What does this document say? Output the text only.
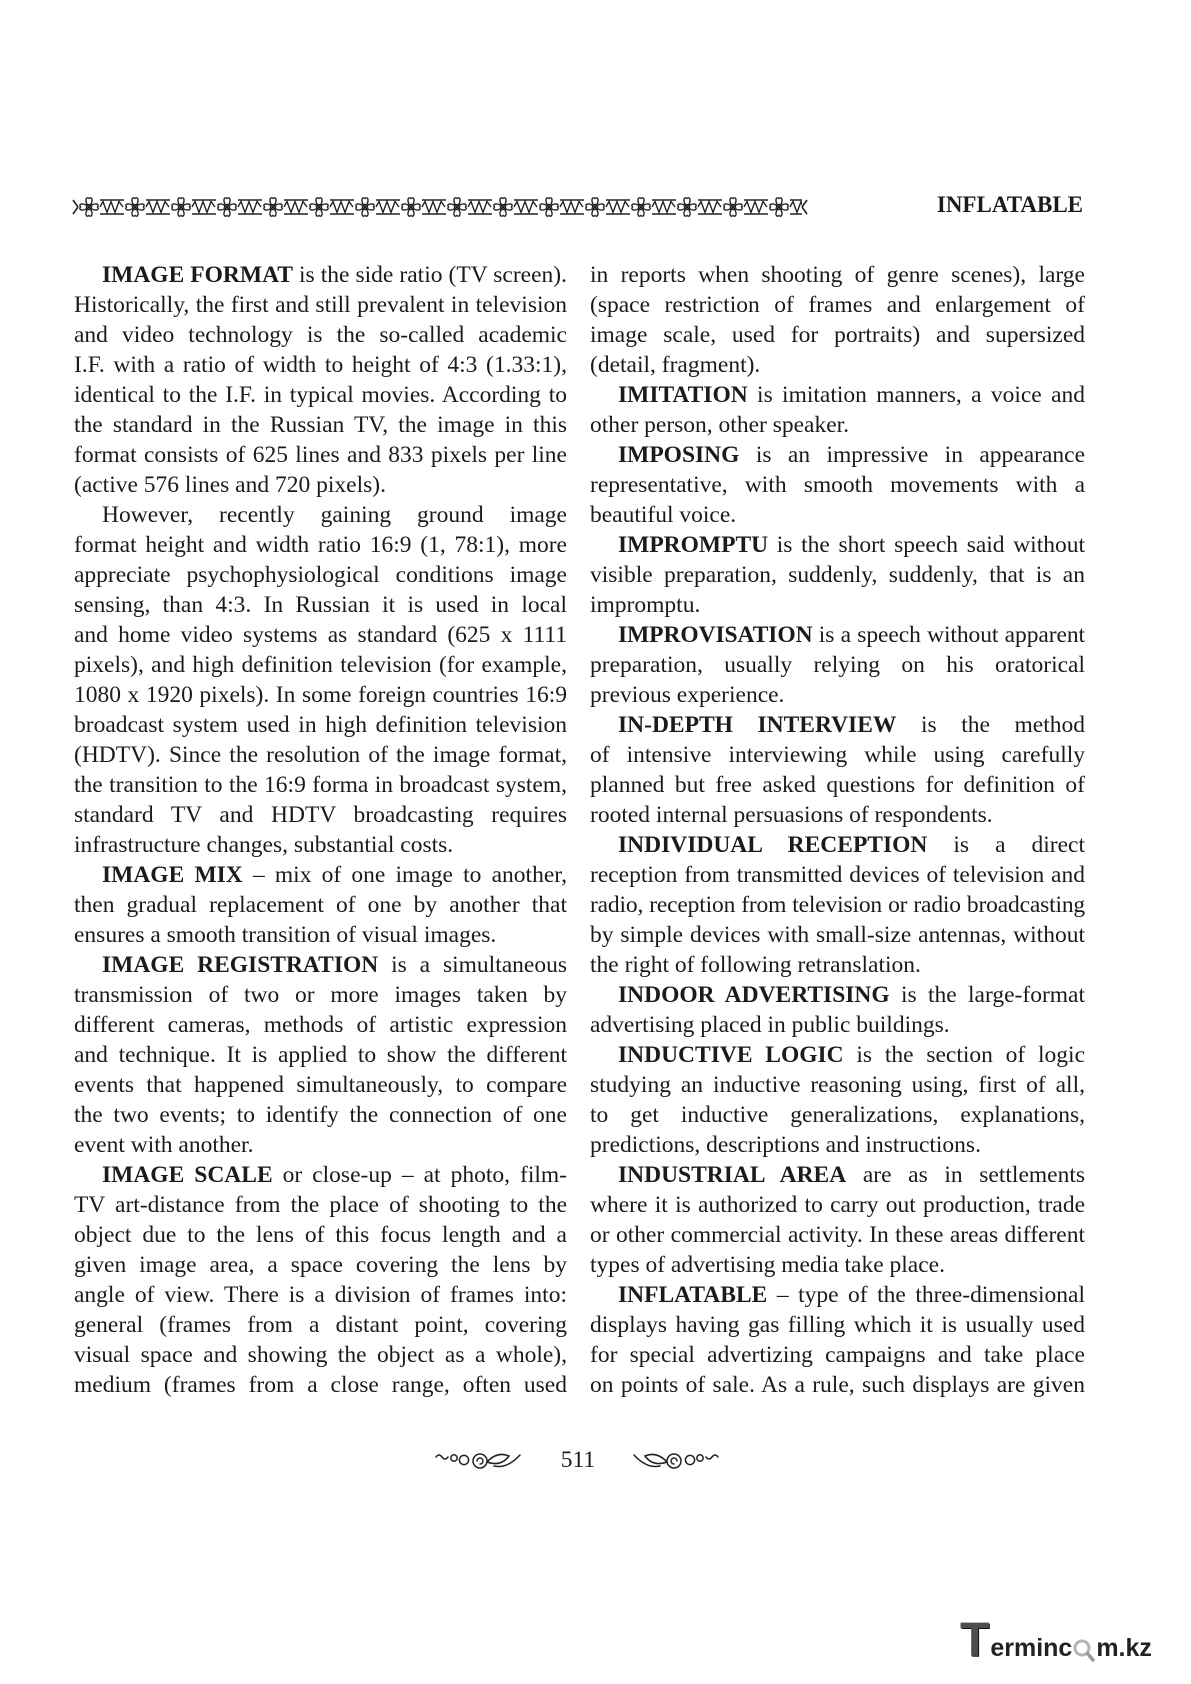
INFLATABLE
IMAGE FORMAT is the side ratio (TV screen).
Historically, the first and still prevalent in television
and video technology is the so-called academic
I.F. with a ratio of width to height of 4:3 (1.33:1),
identical to the I.F. in typical movies. According to
the standard in the Russian TV, the image in this
format consists of 625 lines and 833 pixels per line
(active 576 lines and 720 pixels).
However, recently gaining ground image
format height and width ratio 16:9 (1, 78:1), more
appreciate psychophysiological conditions image
sensing, than 4:3. In Russian it is used in local
and home video systems as standard (625 x 1111
pixels), and high definition television (for example,
1080 x 1920 pixels). In some foreign countries 16:9
broadcast system used in high definition television
(HDTV). Since the resolution of the image format,
the transition to the 16:9 forma in broadcast system,
standard TV and HDTV broadcasting requires
infrastructure changes, substantial costs.
IMAGE MIX – mix of one image to another,
then gradual replacement of one by another that
ensures a smooth transition of visual images.
IMAGE REGISTRATION is a simultaneous
transmission of two or more images taken by
different cameras, methods of artistic expression
and technique. It is applied to show the different
events that happened simultaneously, to compare
the two events; to identify the connection of one
event with another.
IMAGE SCALE or close-up – at photo, film-
TV art-distance from the place of shooting to the
object due to the lens of this focus length and a
given image area, a space covering the lens by
angle of view. There is a division of frames into:
general (frames from a distant point, covering
visual space and showing the object as a whole),
medium (frames from a close range, often used
in reports when shooting of genre scenes), large
(space restriction of frames and enlargement of
image scale, used for portraits) and supersized
(detail, fragment).
IMITATION is imitation manners, a voice and
other person, other speaker.
IMPOSING is an impressive in appearance
representative, with smooth movements with a
beautiful voice.
IMPROMPTU is the short speech said without
visible preparation, suddenly, suddenly, that is an
impromptu.
IMPROVISATION is a speech without apparent
preparation, usually relying on his oratorical
previous experience.
IN-DEPTH INTERVIEW is the method
of intensive interviewing while using carefully
planned but free asked questions for definition of
rooted internal persuasions of respondents.
INDIVIDUAL RECEPTION is a direct
reception from transmitted devices of television and
radio, reception from television or radio broadcasting
by simple devices with small-size antennas, without
the right of following retranslation.
INDOOR ADVERTISING is the large-format
advertising placed in public buildings.
INDUCTIVE LOGIC is the section of logic
studying an inductive reasoning using, first of all,
to get inductive generalizations, explanations,
predictions, descriptions and instructions.
INDUSTRIAL AREA are as in settlements
where it is authorized to carry out production, trade
or other commercial activity. In these areas different
types of advertising media take place.
INFLATABLE – type of the three-dimensional
displays having gas filling which it is usually used
for special advertizing campaigns and take place
on points of sale. As a rule, such displays are given
511
T erminc m.kz
